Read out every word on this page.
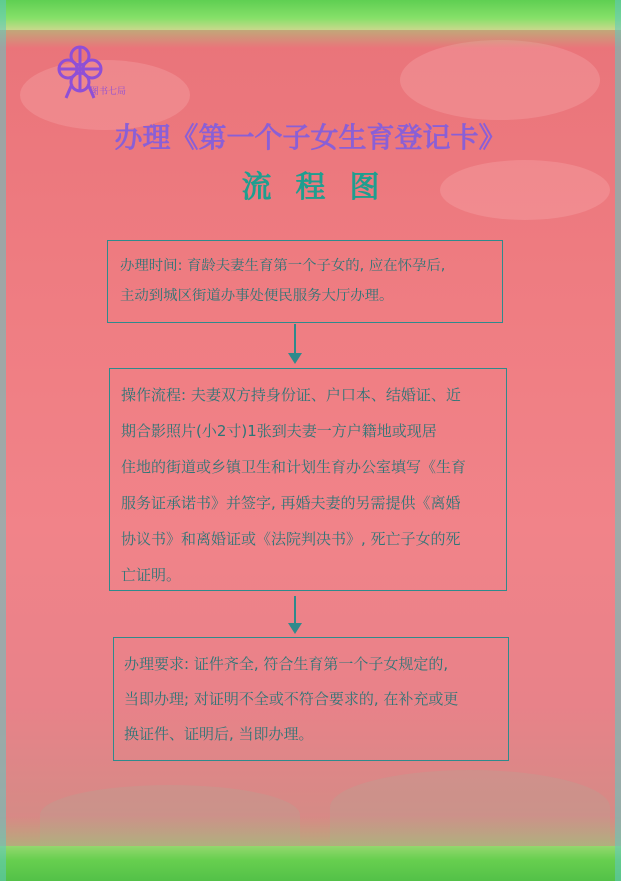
图书七局
办理《第一个子女生育登记卡》
流程图
办理时间: 育龄夫妻生育第一个子女的, 应在怀孕后,
主动到城区街道办事处便民服务大厅办理。
操作流程: 夫妻双方持身份证、户口本、结婚证、近
期合影照片(小2寸)1张到夫妻一方户籍地或现居
住地的街道或乡镇卫生和计划生育办公室填写《生育
服务证承诺书》并签字, 再婚夫妻的另需提供《离婚
协议书》和离婚证或《法院判决书》, 死亡子女的死
亡证明。
办理要求: 证件齐全, 符合生育第一个子女规定的,
当即办理; 对证明不全或不符合要求的, 在补充或更
换证件、证明后, 当即办理。
